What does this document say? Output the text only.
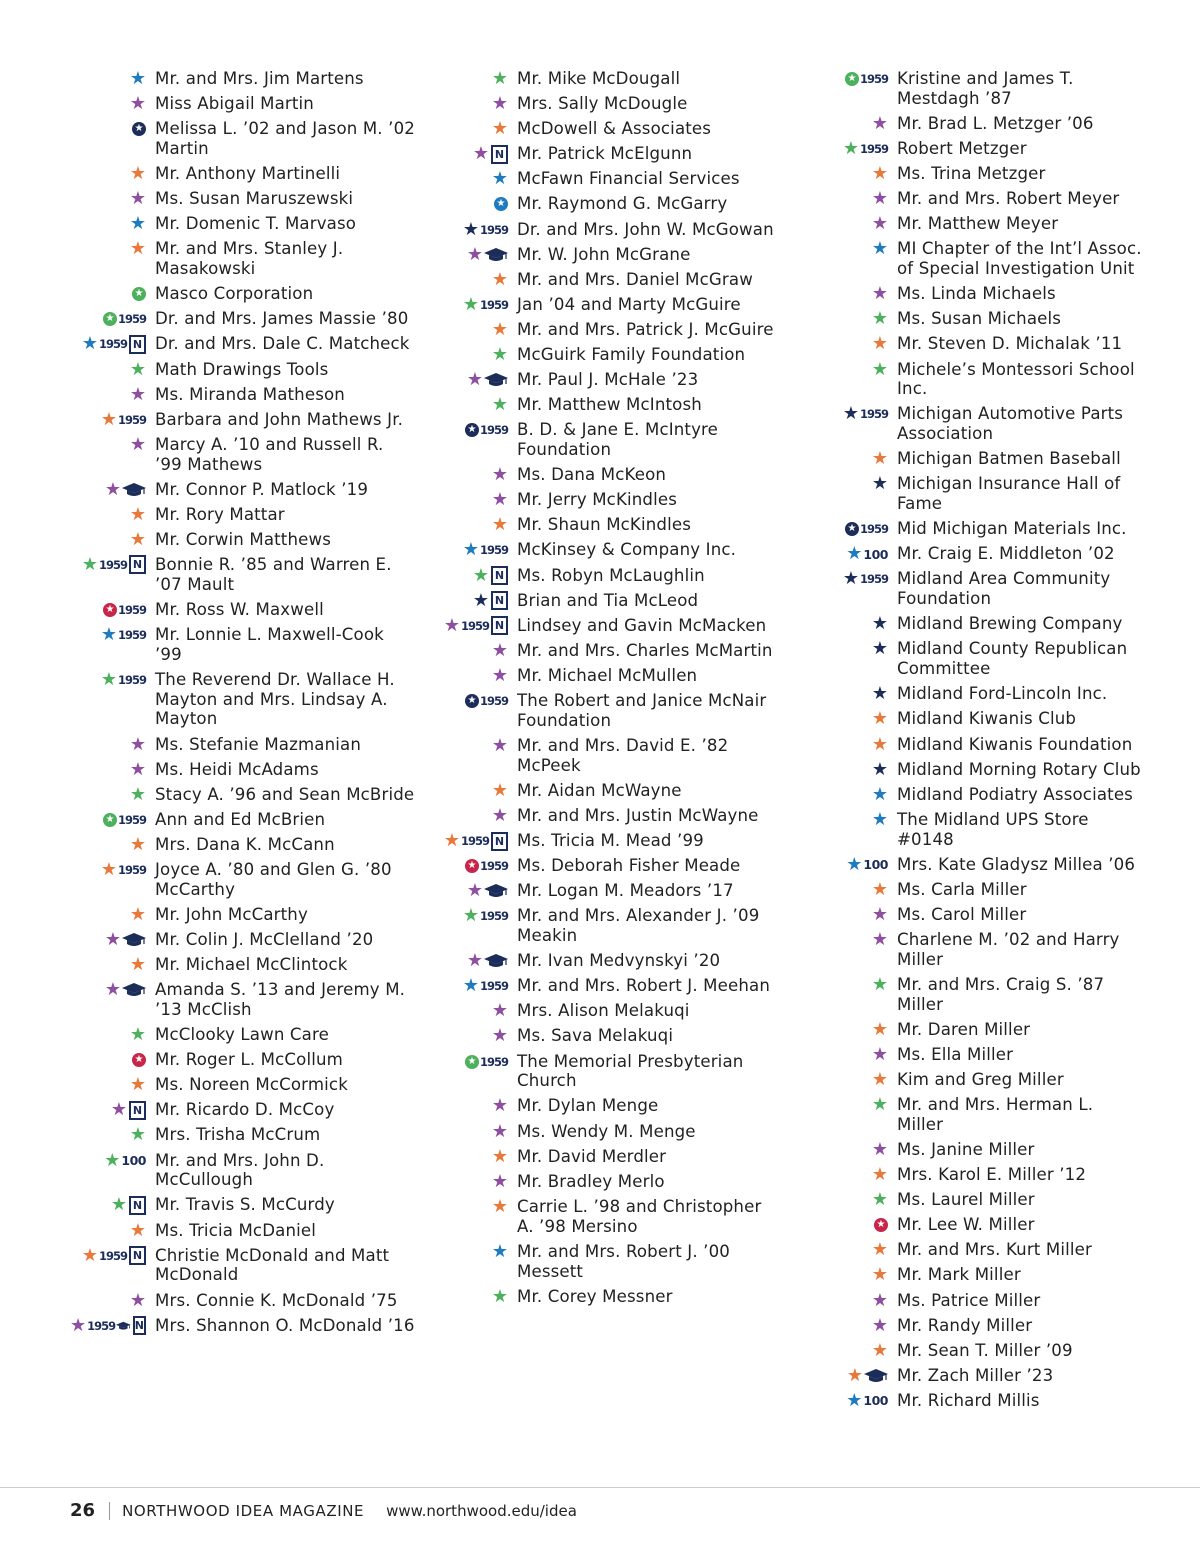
★ Mr. and Mrs. Jim Martens
★ Miss Abigail Martin
★ Melissa L. ’02 and Jason M. ’02 Martin
★ Mr. Anthony Martinelli
★ Ms. Susan Maruszewski
★ Mr. Domenic T. Marvaso
★ Mr. and Mrs. Stanley J. Masakowski
★ Masco Corporation
★ 1959 Dr. and Mrs. James Massie ’80
★ 1959 N Dr. and Mrs. Dale C. Matcheck
★ Math Drawings Tools
★ Ms. Miranda Matheson
★ 1959 Barbara and John Mathews Jr.
★ Marcy A. ’10 and Russell R. ’99 Mathews
★ Mr. Connor P. Matlock ’19
★ Mr. Rory Mattar
★ Mr. Corwin Matthews
★ 1959 N Bonnie R. ’85 and Warren E. ’07 Mault
★ 1959 Mr. Ross W. Maxwell
★ 1959 Mr. Lonnie L. Maxwell-Cook ’99
★ 1959 The Reverend Dr. Wallace H. Mayton and Mrs. Lindsay A. Mayton
★ Ms. Stefanie Mazmanian
★ Ms. Heidi McAdams
★ Stacy A. ’96 and Sean McBride
★ 1959 Ann and Ed McBrien
★ Mrs. Dana K. McCann
★ 1959 Joyce A. ’80 and Glen G. ’80 McCarthy
★ Mr. John McCarthy
★ Mr. Colin J. McClelland ’20
★ Mr. Michael McClintock
★ Amanda S. ’13 and Jeremy M. ’13 McClish
★ McClooky Lawn Care
★ Mr. Roger L. McCollum
★ Ms. Noreen McCormick
★ N Mr. Ricardo D. McCoy
★ Mrs. Trisha McCrum
★ 100 Mr. and Mrs. John D. McCullough
★ N Mr. Travis S. McCurdy
★ Ms. Tricia McDaniel
★ 1959 N Christie McDonald and Matt McDonald
★ Mrs. Connie K. McDonald ’75
★ 1959 N Mrs. Shannon O. McDonald ’16
★ Mr. Mike McDougall
★ Mrs. Sally McDougle
★ McDowell & Associates
★ N Mr. Patrick McElgunn
★ McFawn Financial Services
★ Mr. Raymond G. McGarry
★ 1959 Dr. and Mrs. John W. McGowan
★ Mr. W. John McGrane
★ Mr. and Mrs. Daniel McGraw
★ 1959 Jan ’04 and Marty McGuire
★ Mr. and Mrs. Patrick J. McGuire
★ McGuirk Family Foundation
★ Mr. Paul J. McHale ’23
★ Mr. Matthew McIntosh
★ 1959 B. D. & Jane E. McIntyre Foundation
★ Ms. Dana McKeon
★ Mr. Jerry McKindles
★ Mr. Shaun McKindles
★ 1959 McKinsey & Company Inc.
★ N Ms. Robyn McLaughlin
★ N Brian and Tia McLeod
★ 1959 N Lindsey and Gavin McMacken
★ Mr. and Mrs. Charles McMartin
★ Mr. Michael McMullen
★ 1959 The Robert and Janice McNair Foundation
★ Mr. and Mrs. David E. ’82 McPeek
★ Mr. Aidan McWayne
★ Mr. and Mrs. Justin McWayne
★ 1959 N Ms. Tricia M. Mead ’99
★ 1959 Ms. Deborah Fisher Meade
★ Mr. Logan M. Meadors ’17
★ 1959 Mr. and Mrs. Alexander J. ’09 Meakin
★ Mr. Ivan Medvynskyi ’20
★ 1959 Mr. and Mrs. Robert J. Meehan
★ Mrs. Alison Melakuqi
★ Ms. Sava Melakuqi
★ 1959 The Memorial Presbyterian Church
★ Mr. Dylan Menge
★ Ms. Wendy M. Menge
★ Mr. David Merdler
★ Mr. Bradley Merlo
★ Carrie L. ’98 and Christopher A. ’98 Mersino
★ Mr. and Mrs. Robert J. ’00 Messett
★ Mr. Corey Messner
★ 1959 Kristine and James T. Mestdagh ’87
★ Mr. Brad L. Metzger ’06
★ 1959 Robert Metzger
★ Ms. Trina Metzger
★ Mr. and Mrs. Robert Meyer
★ Mr. Matthew Meyer
★ MI Chapter of the Int’l Assoc. of Special Investigation Unit
★ Ms. Linda Michaels
★ Ms. Susan Michaels
★ Mr. Steven D. Michalak ’11
★ Michele’s Montessori School Inc.
★ 1959 Michigan Automotive Parts Association
★ Michigan Batmen Baseball
★ Michigan Insurance Hall of Fame
★ 1959 Mid Michigan Materials Inc.
★ 100 Mr. Craig E. Middleton ’02
★ 1959 Midland Area Community Foundation
★ Midland Brewing Company
★ Midland County Republican Committee
★ Midland Ford-Lincoln Inc.
★ Midland Kiwanis Club
★ Midland Kiwanis Foundation
★ Midland Morning Rotary Club
★ Midland Podiatry Associates
★ The Midland UPS Store #0148
★ 100 Mrs. Kate Gladysz Millea ’06
★ Ms. Carla Miller
★ Ms. Carol Miller
★ Charlene M. ’02 and Harry Miller
★ Mr. and Mrs. Craig S. ’87 Miller
★ Mr. Daren Miller
★ Ms. Ella Miller
★ Kim and Greg Miller
★ Mr. and Mrs. Herman L. Miller
★ Ms. Janine Miller
★ Mrs. Karol E. Miller ’12
★ Ms. Laurel Miller
★ Mr. Lee W. Miller
★ Mr. and Mrs. Kurt Miller
★ Mr. Mark Miller
★ Ms. Patrice Miller
★ Mr. Randy Miller
★ Mr. Sean T. Miller ’09
★ Mr. Zach Miller ’23
★ 100 Mr. Richard Millis
26 NORTHWOOD IDEA MAGAZINE www.northwood.edu/idea
